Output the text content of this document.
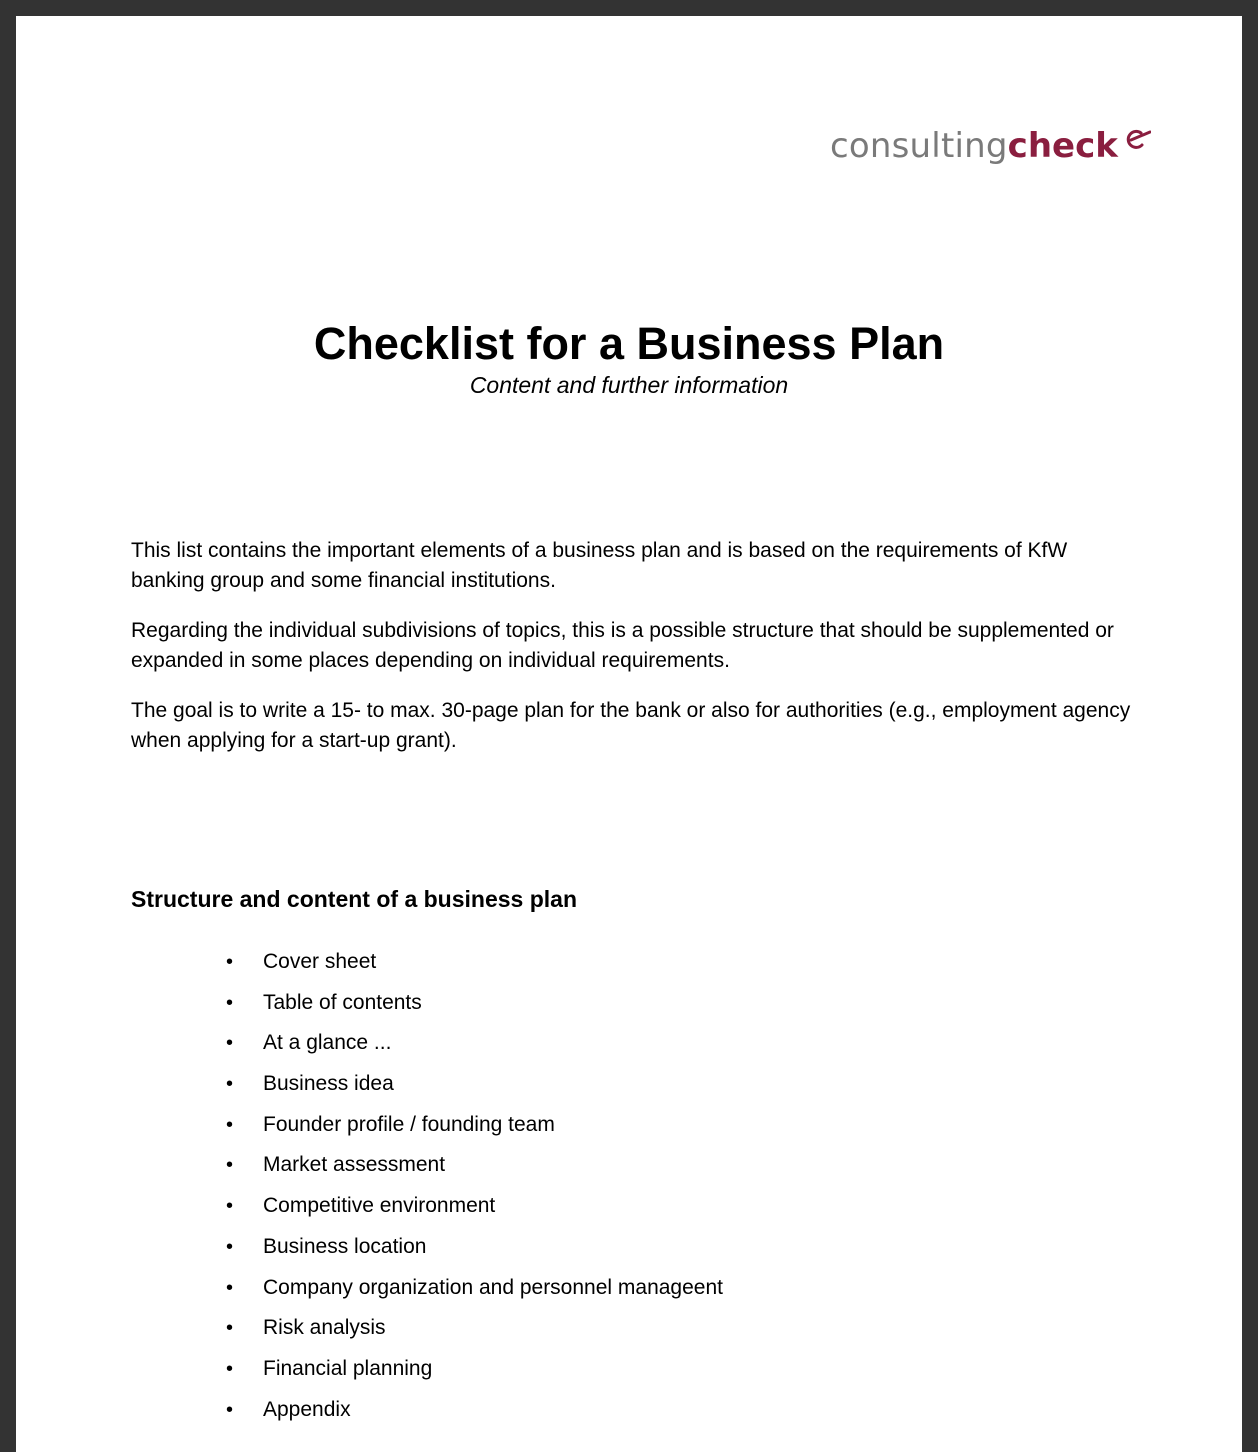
consulting check
Checklist for a Business Plan
Content and further information

This list contains the important elements of a business plan and is based on the requirements of KfW banking group and some financial institutions.

Regarding the individual subdivisions of topics, this is a possible structure that should be supplemented or expanded in some places depending on individual requirements.

The goal is to write a 15- to max. 30-page plan for the bank or also for authorities (e.g., employment agency when applying for a start-up grant).

Structure and content of a business plan
•	Cover sheet
•	Table of contents
•	At a glance ...
•	Business idea
•	Founder profile / founding team
•	Market assessment
•	Competitive environment
•	Business location
•	Company organization and personnel manageent
•	Risk analysis
•	Financial planning
•	Appendix
